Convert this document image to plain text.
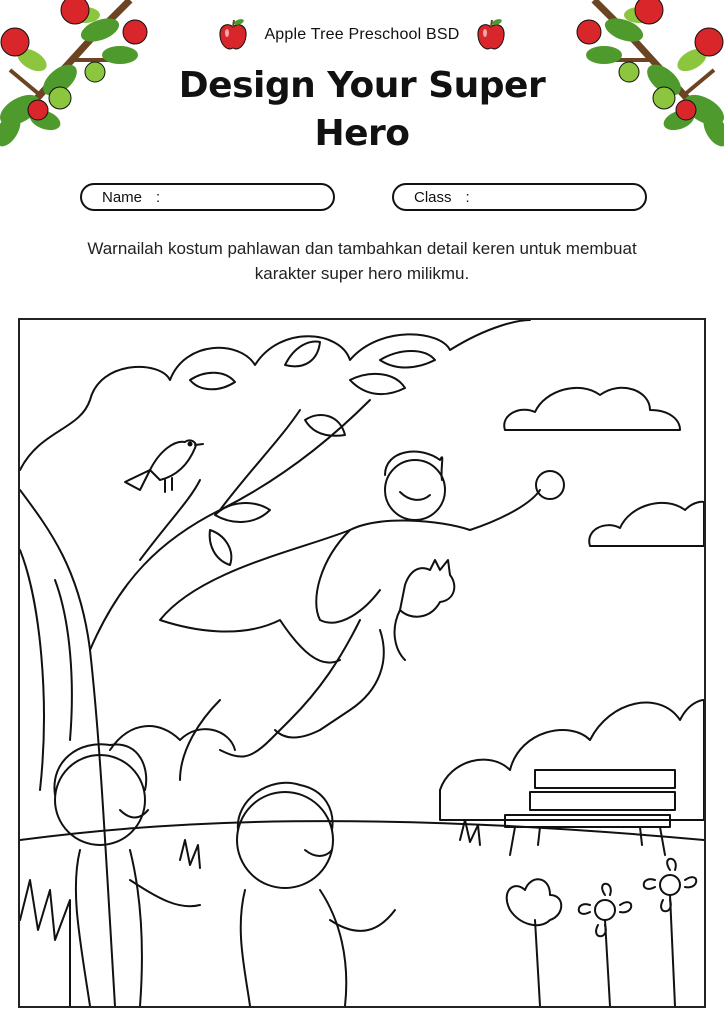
Apple Tree Preschool BSD
Design Your Super Hero
Name :	Class :
Warnailah kostum pahlawan dan tambahkan detail keren untuk membuat karakter super hero milikmu.
